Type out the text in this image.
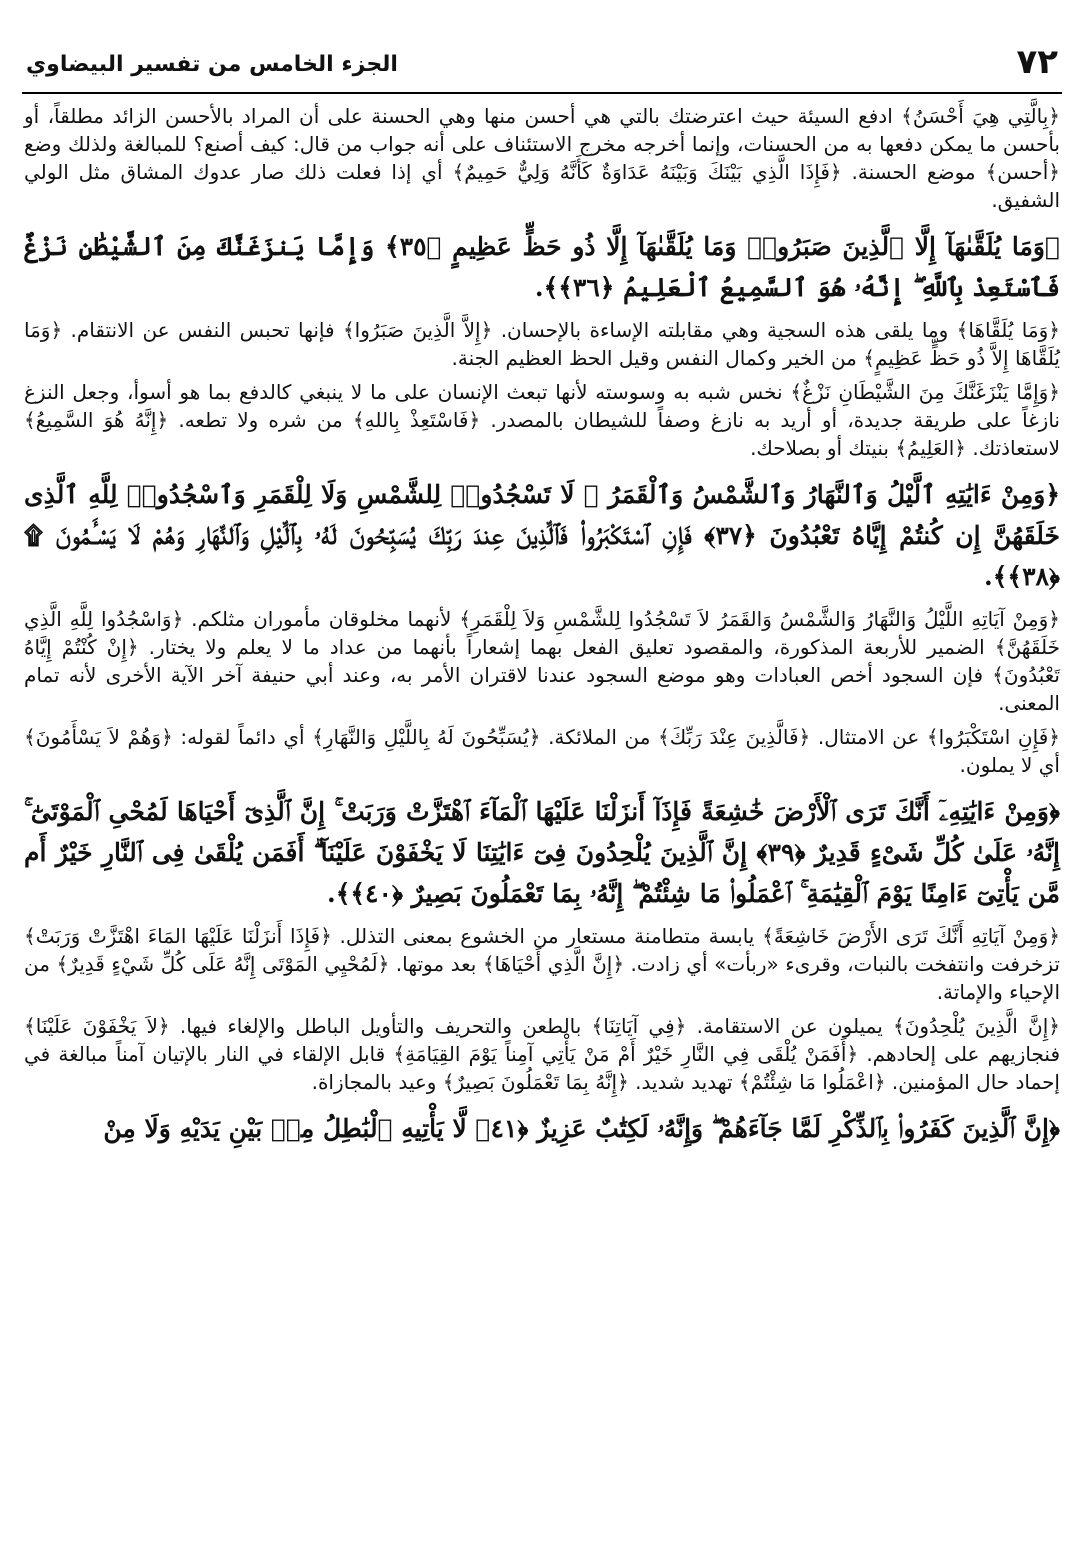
٧٢
الجزء الخامس من تفسير البيضاوي

﴿بِالَّتِي هِيَ أَحْسَنُ﴾ ادفع السيئة حيث اعترضتك بالتي هي أحسن منها وهي الحسنة على أن المراد بالأحسن الزائد مطلقاً، أو بأحسن ما يمكن دفعها به من الحسنات، وإنما أخرجه مخرج الاستئناف على أنه جواب من قال: كيف أصنع؟ للمبالغة ولذلك وضع ﴿أحسن﴾ موضع الحسنة. ﴿فَإِذَا الَّذِي بَيْنَكَ وَبَيْنَهُ عَدَاوَةٌ كَأَنَّهُ وَلِيٌّ حَمِيمٌ﴾ أي إذا فعلت ذلك صار عدوك المشاق مثل الولي الشفيق.

﴿وَمَا يُلَقَّىٰهَآ إِلَّا ٱلَّذِينَ صَبَرُوا۟ وَمَا يُلَقَّىٰهَآ إِلَّا ذُو حَظٍّ عَظِيمٍ ﴿٣٥﴾ وَإِمَّا يَنزَغَنَّكَ مِنَ ٱلشَّيْطَٰنِ نَزْغٌ فَٱسْتَعِذْ بِٱللَّهِ ۖ إِنَّهُۥ هُوَ ٱلسَّمِيعُ ٱلْعَلِيمُ ﴿٣٦﴾﴾.

﴿وَمَا يُلَقَّاهَا﴾ وما يلقى هذه السجية وهي مقابلته الإساءة بالإحسان. ﴿إِلاَّ الَّذِينَ صَبَرُوا﴾ فإنها تحبس النفس عن الانتقام. ﴿وَمَا يُلَقَّاهَا إِلاَّ ذُو حَظٍّ عَظِيمٍ﴾ من الخير وكمال النفس وقيل الحظ العظيم الجنة.

﴿وَإِمَّا يَنْزَغَنَّكَ مِنَ الشَّيْطَانِ نَزْغٌ﴾ نخس شبه به وسوسته لأنها تبعث الإنسان على ما لا ينبغي كالدفع بما هو أسوأ، وجعل النزغ نازغاً على طريقة جديدة، أو أريد به نازغ وصفاً للشيطان بالمصدر. ﴿فَاسْتَعِذْ بِاللهِ﴾ من شره ولا تطعه. ﴿إِنَّهُ هُوَ السَّمِيعُ﴾ لاستعاذتك. ﴿العَلِيمُ﴾ بنيتك أو بصلاحك.

﴿وَمِنْ ءَايَٰتِهِ ٱلَّيْلُ وَٱلنَّهَارُ وَٱلشَّمْسُ وَٱلْقَمَرُ ۚ لَا تَسْجُدُوا۟ لِلشَّمْسِ وَلَا لِلْقَمَرِ وَٱسْجُدُوا۟ لِلَّهِ ٱلَّذِى خَلَقَهُنَّ إِن كُنتُمْ إِيَّاهُ تَعْبُدُونَ ﴿٣٧﴾ فَإِنِ ٱسْتَكْبَرُوا۟ فَٱلَّذِينَ عِندَ رَبِّكَ يُسَبِّحُونَ لَهُۥ بِٱلَّيْلِ وَٱلنَّهَارِ وَهُمْ لَا يَسْـَٔمُونَ ۩ ﴿٣٨﴾﴾.

﴿وَمِنْ آيَاتِهِ اللَّيْلُ وَالنَّهَارُ وَالشَّمْسُ وَالقَمَرُ لاَ تَسْجُدُوا لِلشَّمْسِ وَلاَ لِلْقَمَرِ﴾ لأنهما مخلوقان مأموران مثلكم. ﴿وَاسْجُدُوا لِلَّهِ الَّذِي خَلَقَهُنَّ﴾ الضمير للأربعة المذكورة، والمقصود تعليق الفعل بهما إشعاراً بأنهما من عداد ما لا يعلم ولا يختار. ﴿إِنْ كُنْتُمْ إِيَّاهُ تَعْبُدُونَ﴾ فإن السجود أخص العبادات وهو موضع السجود عندنا لاقتران الأمر به، وعند أبي حنيفة آخر الآية الأخرى لأنه تمام المعنى.

﴿فَإِنِ اسْتَكْبَرُوا﴾ عن الامتثال. ﴿فَالَّذِينَ عِنْدَ رَبِّكَ﴾ من الملائكة. ﴿يُسَبِّحُونَ لَهُ بِاللَّيْلِ وَالنَّهَارِ﴾ أي دائماً لقوله: ﴿وَهُمْ لاَ يَسْأَمُونَ﴾ أي لا يملون.

﴿وَمِنْ ءَايَٰتِهِۦٓ أَنَّكَ تَرَى ٱلْأَرْضَ خَٰشِعَةً فَإِذَآ أَنزَلْنَا عَلَيْهَا ٱلْمَآءَ ٱهْتَزَّتْ وَرَبَتْ ۚ إِنَّ ٱلَّذِىٓ أَحْيَاهَا لَمُحْىِ ٱلْمَوْتَىٰٓ ۚ إِنَّهُۥ عَلَىٰ كُلِّ شَىْءٍ قَدِيرٌ ﴿٣٩﴾ إِنَّ ٱلَّذِينَ يُلْحِدُونَ فِىٓ ءَايَٰتِنَا لَا يَخْفَوْنَ عَلَيْنَآ ۗ أَفَمَن يُلْقَىٰ فِى ٱلنَّارِ خَيْرٌ أَم مَّن يَأْتِىٓ ءَامِنًا يَوْمَ ٱلْقِيَٰمَةِ ۚ ٱعْمَلُوا۟ مَا شِئْتُمْ ۖ إِنَّهُۥ بِمَا تَعْمَلُونَ بَصِيرٌ ﴿٤٠﴾﴾.

﴿وَمِنْ آيَاتِهِ أَنَّكَ تَرَى الأَرْضَ خَاشِعَةً﴾ يابسة متطامنة مستعار من الخشوع بمعنى التذلل. ﴿فَإِذَا أَنزَلْنَا عَلَيْهَا المَاءَ اهْتَزَّتْ وَرَبَتْ﴾ تزخرفت وانتفخت بالنبات، وقرىء «ربأت» أي زادت. ﴿إِنَّ الَّذِي أَحْيَاهَا﴾ بعد موتها. ﴿لَمُحْيِي المَوْتَى إِنَّهُ عَلَى كُلِّ شَيْءٍ قَدِيرٌ﴾ من الإحياء والإماتة.

﴿إِنَّ الَّذِينَ يُلْحِدُونَ﴾ يميلون عن الاستقامة. ﴿فِي آيَاتِنَا﴾ بالطعن والتحريف والتأويل الباطل والإلغاء فيها. ﴿لاَ يَخْفَوْنَ عَلَيْنَا﴾ فنجازيهم على إلحادهم. ﴿أَفَمَنْ يُلْقَى فِي النَّارِ خَيْرٌ أَمْ مَنْ يَأْتِي آمِناً يَوْمَ القِيَامَةِ﴾ قابل الإلقاء في النار بالإتيان آمناً مبالغة في إحماد حال المؤمنين. ﴿اعْمَلُوا مَا شِئْتُمْ﴾ تهديد شديد. ﴿إِنَّهُ بِمَا تَعْمَلُونَ بَصِيرٌ﴾ وعيد بالمجازاة.

﴿إِنَّ ٱلَّذِينَ كَفَرُوا۟ بِٱلذِّكْرِ لَمَّا جَآءَهُمْ ۖ وَإِنَّهُۥ لَكِتَٰبٌ عَزِيزٌ ﴿٤١﴾ لَّا يَأْتِيهِ ٱلْبَٰطِلُ مِنۢ بَيْنِ يَدَيْهِ وَلَا مِنْ
